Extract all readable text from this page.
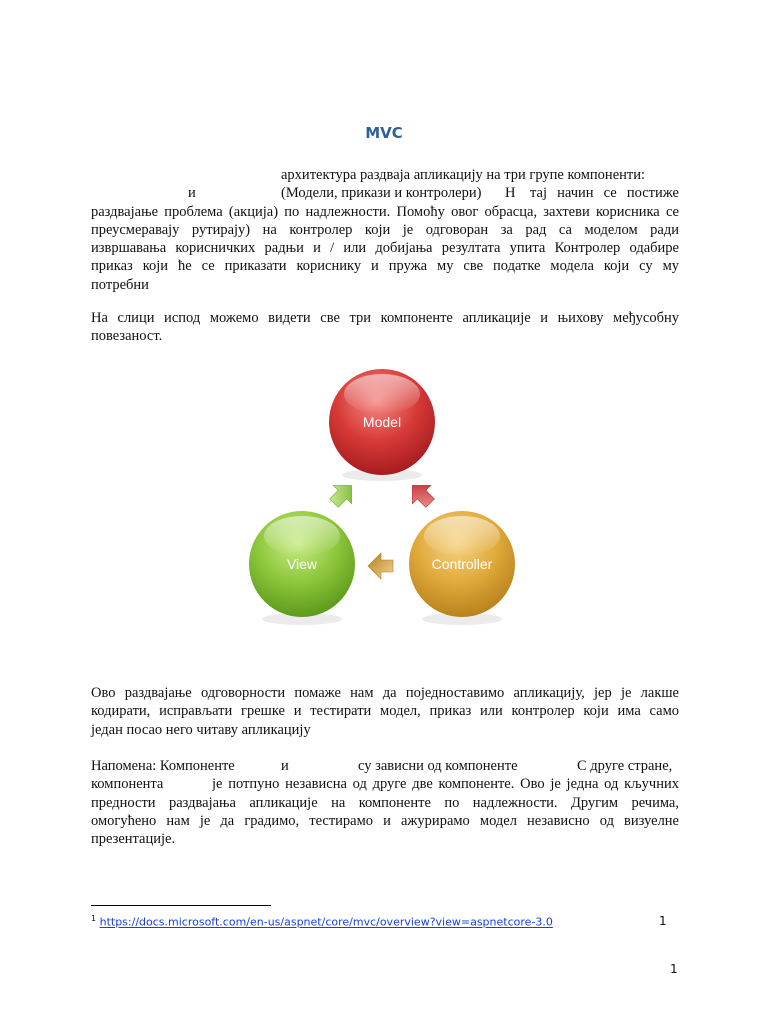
MVC
архитектура раздваја апликацију на три групе компоненти:
и	(Модели, прикази и контролери) Н тај начин се постиже
раздвајање проблема (акција) по надлежности. Помоћу овог обрасца, захтеви корисника се
преусмеравају рутирају) на контролер који је одговоран за рад са моделом ради
извршавања корисничких радњи и / или добијања резултата упита Контролер одабире
приказ који ће се приказати кориснику и пружа му све податке модела који су му
потребни
На слици испод можемо видети све три компоненте апликације и њихову међусобну
повезаност.
Model
View	Controller
Ово раздвајање одговорности помаже нам да поједноставимо апликацију, јер је лакше
кодирати, исправљати грешке и тестирати модел, приказ или контролер који има само
један посао него читаву апликацију
Напомена: Компоненте	и	су зависни од компоненте	С друге стране,
компонента	је потпуно независна од друге две компоненте. Ово је једна од кључних
предности раздвајања апликације на компоненте по надлежности. Другим речима,
омогућено нам је да градимо, тестирамо и ажурирамо модел независно од визуелне
презентације.
$^1$ https://docs.microsoft.com/en-us/aspnet/core/mvc/overview?view=aspnetcore-3.0	1
1
